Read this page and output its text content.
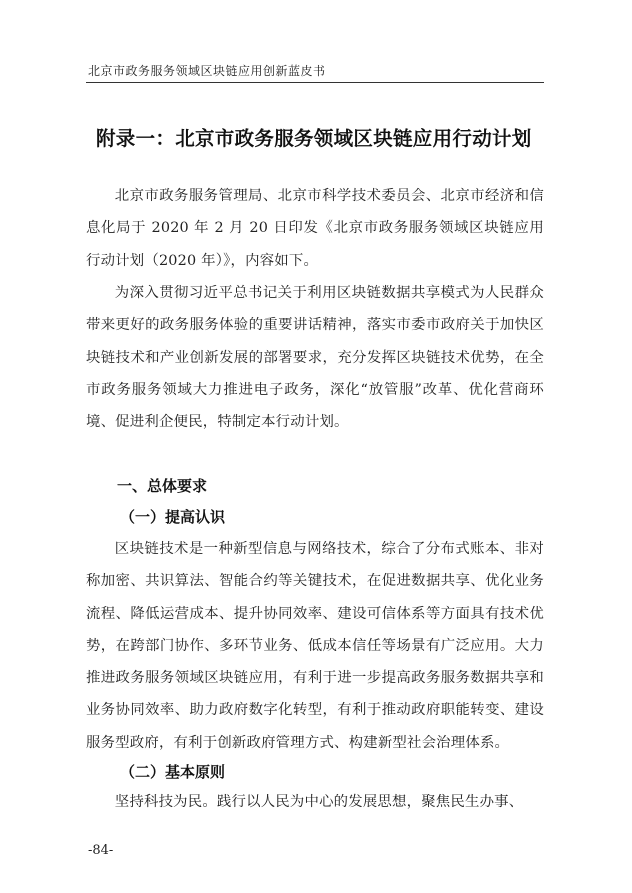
北京市政务服务领域区块链应用创新蓝皮书
附录一：北京市政务服务领域区块链应用行动计划

北京市政务服务管理局、北京市科学技术委员会、北京市经济和信息化局于 2020 年 2 月 20 日印发《北京市政务服务领域区块链应用行动计划（2020 年）》，内容如下。

为深入贯彻习近平总书记关于利用区块链数据共享模式为人民群众带来更好的政务服务体验的重要讲话精神，落实市委市政府关于加快区块链技术和产业创新发展的部署要求，充分发挥区块链技术优势，在全市政务服务领域大力推进电子政务，深化“放管服”改革、优化营商环境、促进利企便民，特制定本行动计划。

一、总体要求
（一）提高认识

区块链技术是一种新型信息与网络技术，综合了分布式账本、非对称加密、共识算法、智能合约等关键技术，在促进数据共享、优化业务流程、降低运营成本、提升协同效率、建设可信体系等方面具有技术优势，在跨部门协作、多环节业务、低成本信任等场景有广泛应用。大力推进政务服务领域区块链应用，有利于进一步提高政务服务数据共享和业务协同效率、助力政府数字化转型，有利于推动政府职能转变、建设服务型政府，有利于创新政府管理方式、构建新型社会治理体系。

（二）基本原则

坚持科技为民。践行以人民为中心的发展思想，聚焦民生办事、

-84-
